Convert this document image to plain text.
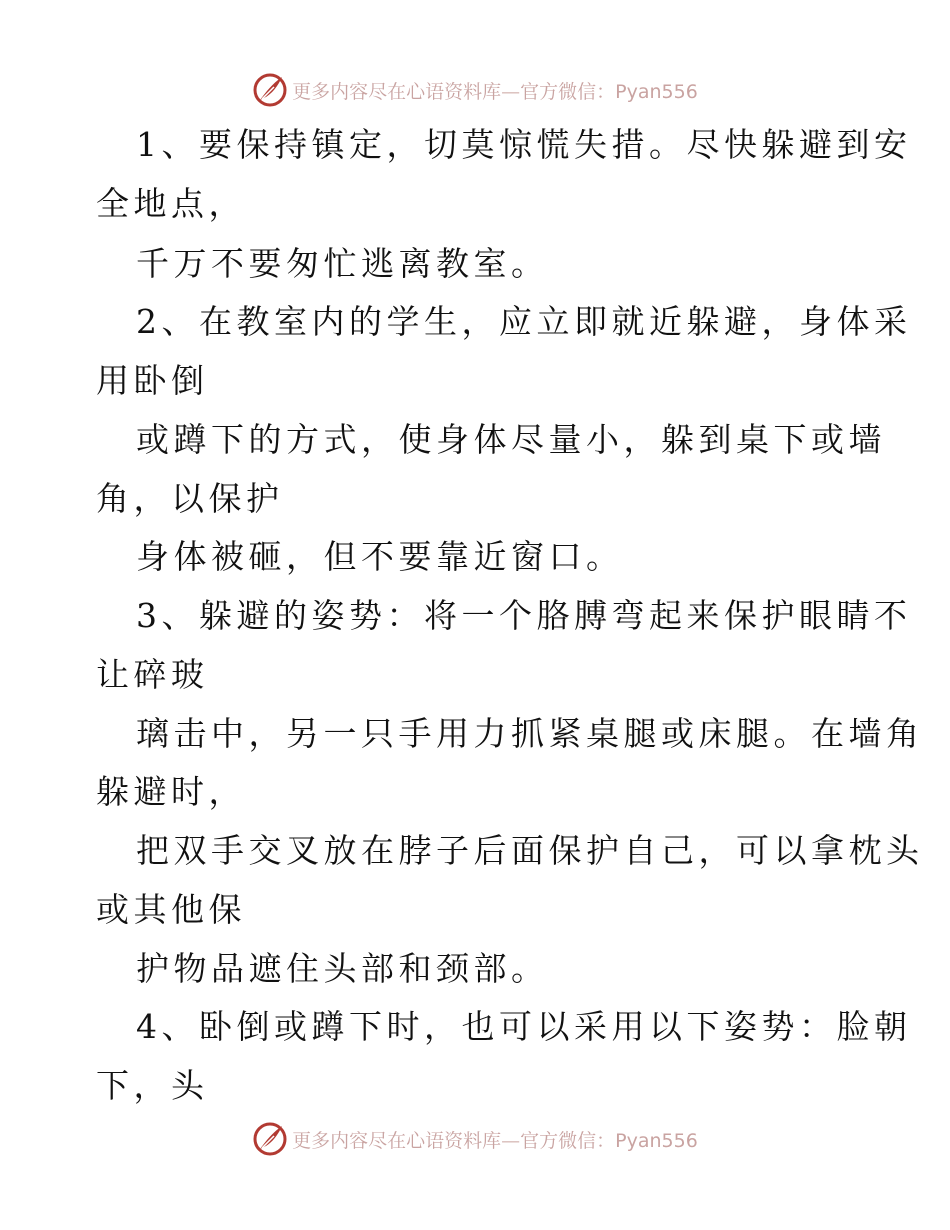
更多内容尽在心语资料库—官方微信：Pyan556
1、要保持镇定，切莫惊慌失措。尽快躲避到安
全地点，
千万不要匆忙逃离教室。
2、在教室内的学生，应立即就近躲避，身体采
用卧倒
或蹲下的方式，使身体尽量小，躲到桌下或墙
角，以保护
身体被砸，但不要靠近窗口。
3、躲避的姿势：将一个胳膊弯起来保护眼睛不
让碎玻
璃击中，另一只手用力抓紧桌腿或床腿。在墙角
躲避时，
把双手交叉放在脖子后面保护自己，可以拿枕头
或其他保
护物品遮住头部和颈部。
4、卧倒或蹲下时，也可以采用以下姿势：脸朝
下，头
更多内容尽在心语资料库—官方微信：Pyan556
